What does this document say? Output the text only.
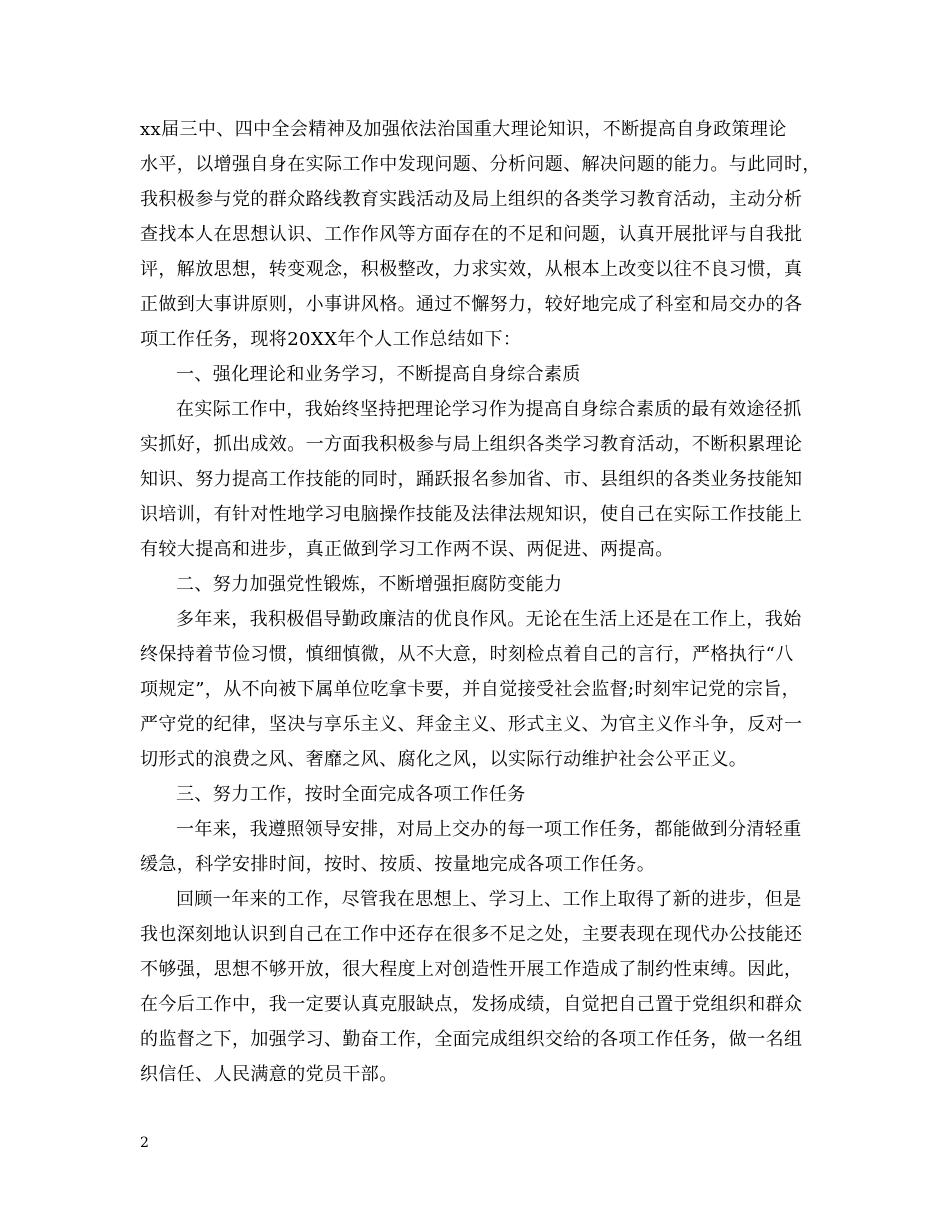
xx届三中、四中全会精神及加强依法治国重大理论知识，不断提高自身政策理论
水平，以增强自身在实际工作中发现问题、分析问题、解决问题的能力。与此同时，
我积极参与党的群众路线教育实践活动及局上组织的各类学习教育活动，主动分析
查找本人在思想认识、工作作风等方面存在的不足和问题，认真开展批评与自我批
评，解放思想，转变观念，积极整改，力求实效，从根本上改变以往不良习惯，真
正做到大事讲原则，小事讲风格。通过不懈努力，较好地完成了科室和局交办的各
项工作任务，现将20XX年个人工作总结如下：
一、强化理论和业务学习，不断提高自身综合素质
在实际工作中，我始终坚持把理论学习作为提高自身综合素质的最有效途径抓
实抓好，抓出成效。一方面我积极参与局上组织各类学习教育活动，不断积累理论
知识、努力提高工作技能的同时，踊跃报名参加省、市、县组织的各类业务技能知
识培训，有针对性地学习电脑操作技能及法律法规知识，使自己在实际工作技能上
有较大提高和进步，真正做到学习工作两不误、两促进、两提高。
二、努力加强党性锻炼，不断增强拒腐防变能力
多年来，我积极倡导勤政廉洁的优良作风。无论在生活上还是在工作上，我始
终保持着节俭习惯，慎细慎微，从不大意，时刻检点着自己的言行，严格执行“八
项规定”，从不向被下属单位吃拿卡要，并自觉接受社会监督;时刻牢记党的宗旨，
严守党的纪律，坚决与享乐主义、拜金主义、形式主义、为官主义作斗争，反对一
切形式的浪费之风、奢靡之风、腐化之风，以实际行动维护社会公平正义。
三、努力工作，按时全面完成各项工作任务
一年来，我遵照领导安排，对局上交办的每一项工作任务，都能做到分清轻重
缓急，科学安排时间，按时、按质、按量地完成各项工作任务。
回顾一年来的工作，尽管我在思想上、学习上、工作上取得了新的进步，但是
我也深刻地认识到自己在工作中还存在很多不足之处，主要表现在现代办公技能还
不够强，思想不够开放，很大程度上对创造性开展工作造成了制约性束缚。因此，
在今后工作中，我一定要认真克服缺点，发扬成绩，自觉把自己置于党组织和群众
的监督之下，加强学习、勤奋工作，全面完成组织交给的各项工作任务，做一名组
织信任、人民满意的党员干部。
2
